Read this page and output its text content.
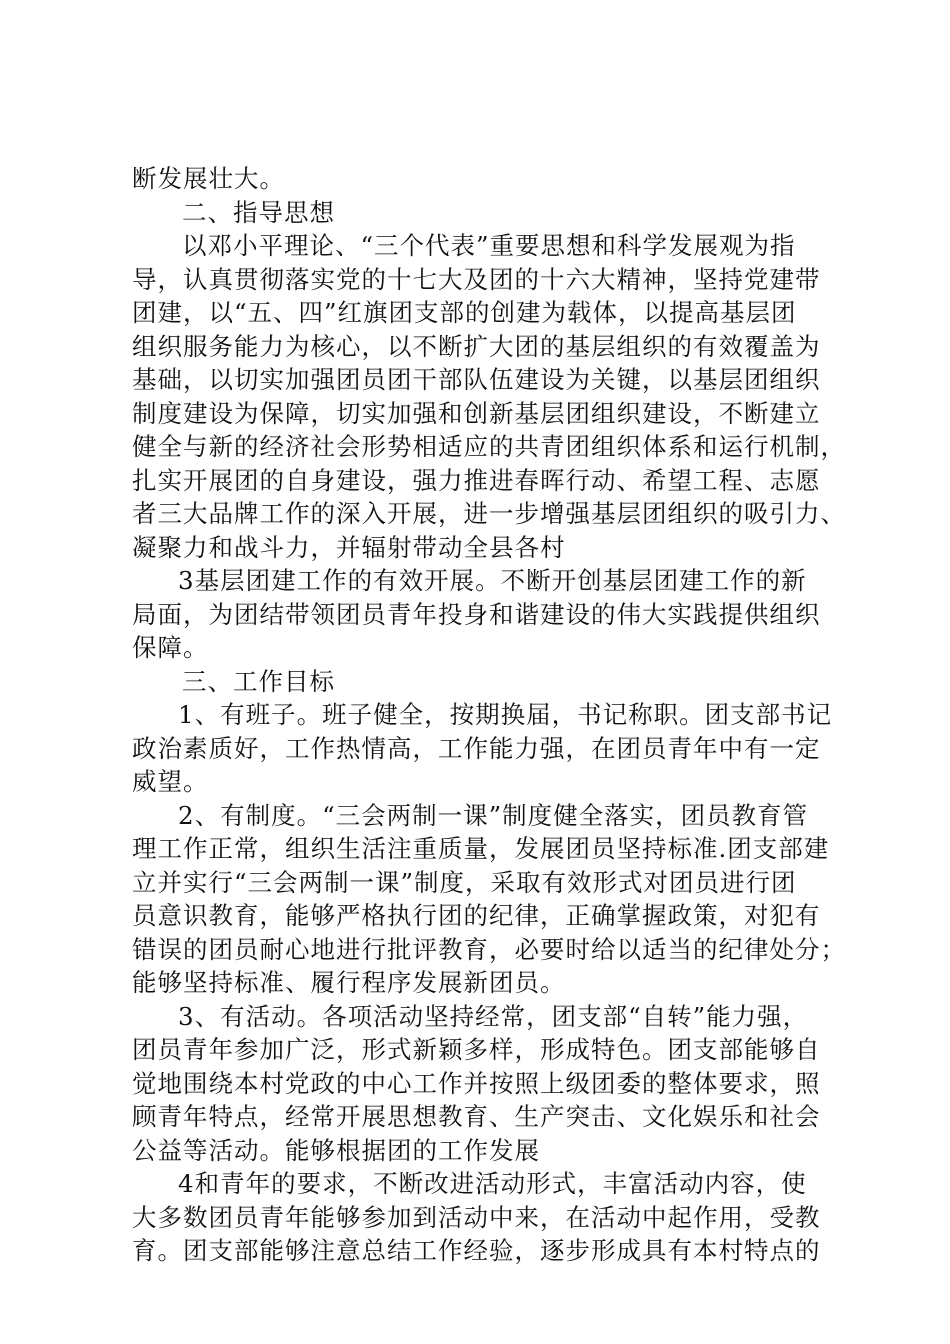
断发展壮大。
二、指导思想
以邓小平理论、“三个代表”重要思想和科学发展观为指
导，认真贯彻落实党的十七大及团的十六大精神，坚持党建带
团建，以“五、四”红旗团支部的创建为载体，以提高基层团
组织服务能力为核心，以不断扩大团的基层组织的有效覆盖为
基础，以切实加强团员团干部队伍建设为关键，以基层团组织
制度建设为保障，切实加强和创新基层团组织建设，不断建立
健全与新的经济社会形势相适应的共青团组织体系和运行机制，
扎实开展团的自身建设，强力推进春晖行动、希望工程、志愿
者三大品牌工作的深入开展，进一步增强基层团组织的吸引力、
凝聚力和战斗力，并辐射带动全县各村
3基层团建工作的有效开展。不断开创基层团建工作的新
局面，为团结带领团员青年投身和谐建设的伟大实践提供组织
保障。
三、工作目标
1、有班子。班子健全，按期换届，书记称职。团支部书记
政治素质好，工作热情高，工作能力强，在团员青年中有一定
威望。
2、有制度。“三会两制一课”制度健全落实，团员教育管
理工作正常，组织生活注重质量，发展团员坚持标准.团支部建
立并实行“三会两制一课”制度，采取有效形式对团员进行团
员意识教育，能够严格执行团的纪律，正确掌握政策，对犯有
错误的团员耐心地进行批评教育，必要时给以适当的纪律处分；
能够坚持标准、履行程序发展新团员。
3、有活动。各项活动坚持经常，团支部“自转”能力强，
团员青年参加广泛，形式新颖多样，形成特色。团支部能够自
觉地围绕本村党政的中心工作并按照上级团委的整体要求，照
顾青年特点，经常开展思想教育、生产突击、文化娱乐和社会
公益等活动。能够根据团的工作发展
4和青年的要求，不断改进活动形式，丰富活动内容，使
大多数团员青年能够参加到活动中来，在活动中起作用，受教
育。团支部能够注意总结工作经验，逐步形成具有本村特点的
